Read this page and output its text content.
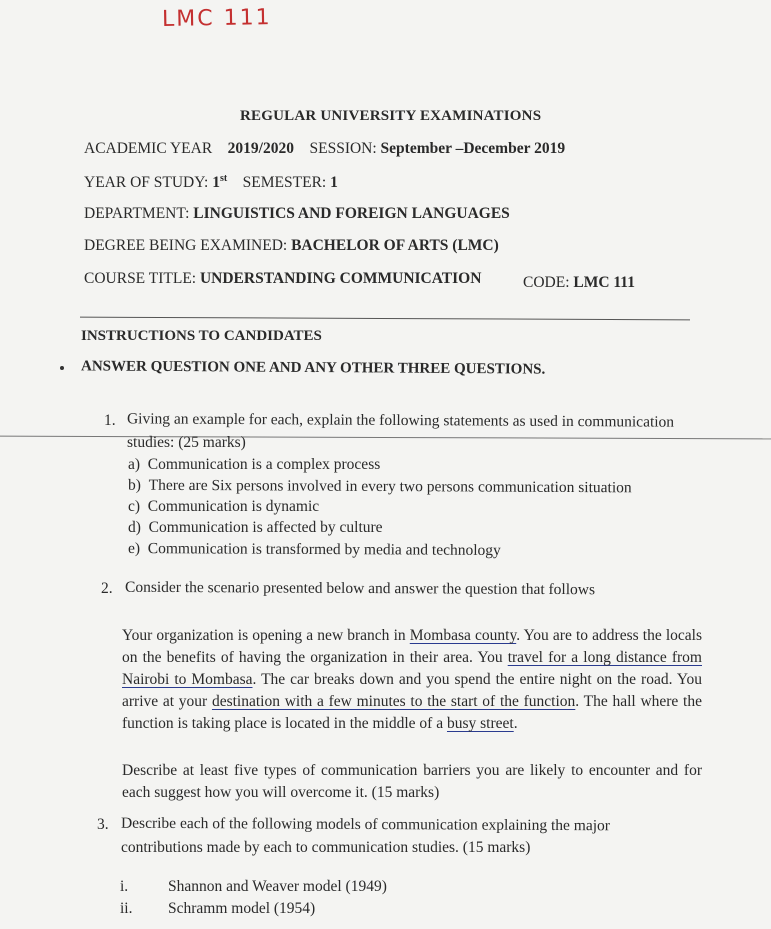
LMC 111
REGULAR UNIVERSITY EXAMINATIONS
ACADEMIC YEAR 2019/2020 SESSION: September –December 2019
YEAR OF STUDY: 1st SEMESTER: 1
DEPARTMENT: LINGUISTICS AND FOREIGN LANGUAGES
DEGREE BEING EXAMINED: BACHELOR OF ARTS (LMC)
COURSE TITLE: UNDERSTANDING COMMUNICATION	CODE: LMC 111
INSTRUCTIONS TO CANDIDATES
ANSWER QUESTION ONE AND ANY OTHER THREE QUESTIONS.
1. Giving an example for each, explain the following statements as used in communication
studies: (25 marks)
a) Communication is a complex process
b) There are Six persons involved in every two persons communication situation
c) Communication is dynamic
d) Communication is affected by culture
e) Communication is transformed by media and technology
2. Consider the scenario presented below and answer the question that follows
Your organization is opening a new branch in Mombasa county. You are to address the locals on the benefits of having the organization in their area. You travel for a long distance from Nairobi to Mombasa. The car breaks down and you spend the entire night on the road. You arrive at your destination with a few minutes to the start of the function. The hall where the function is taking place is located in the middle of a busy street.
Describe at least five types of communication barriers you are likely to encounter and for each suggest how you will overcome it. (15 marks)
3. Describe each of the following models of communication explaining the major
contributions made by each to communication studies. (15 marks)
i.	Shannon and Weaver model (1949)
ii. Schramm model (1954)
